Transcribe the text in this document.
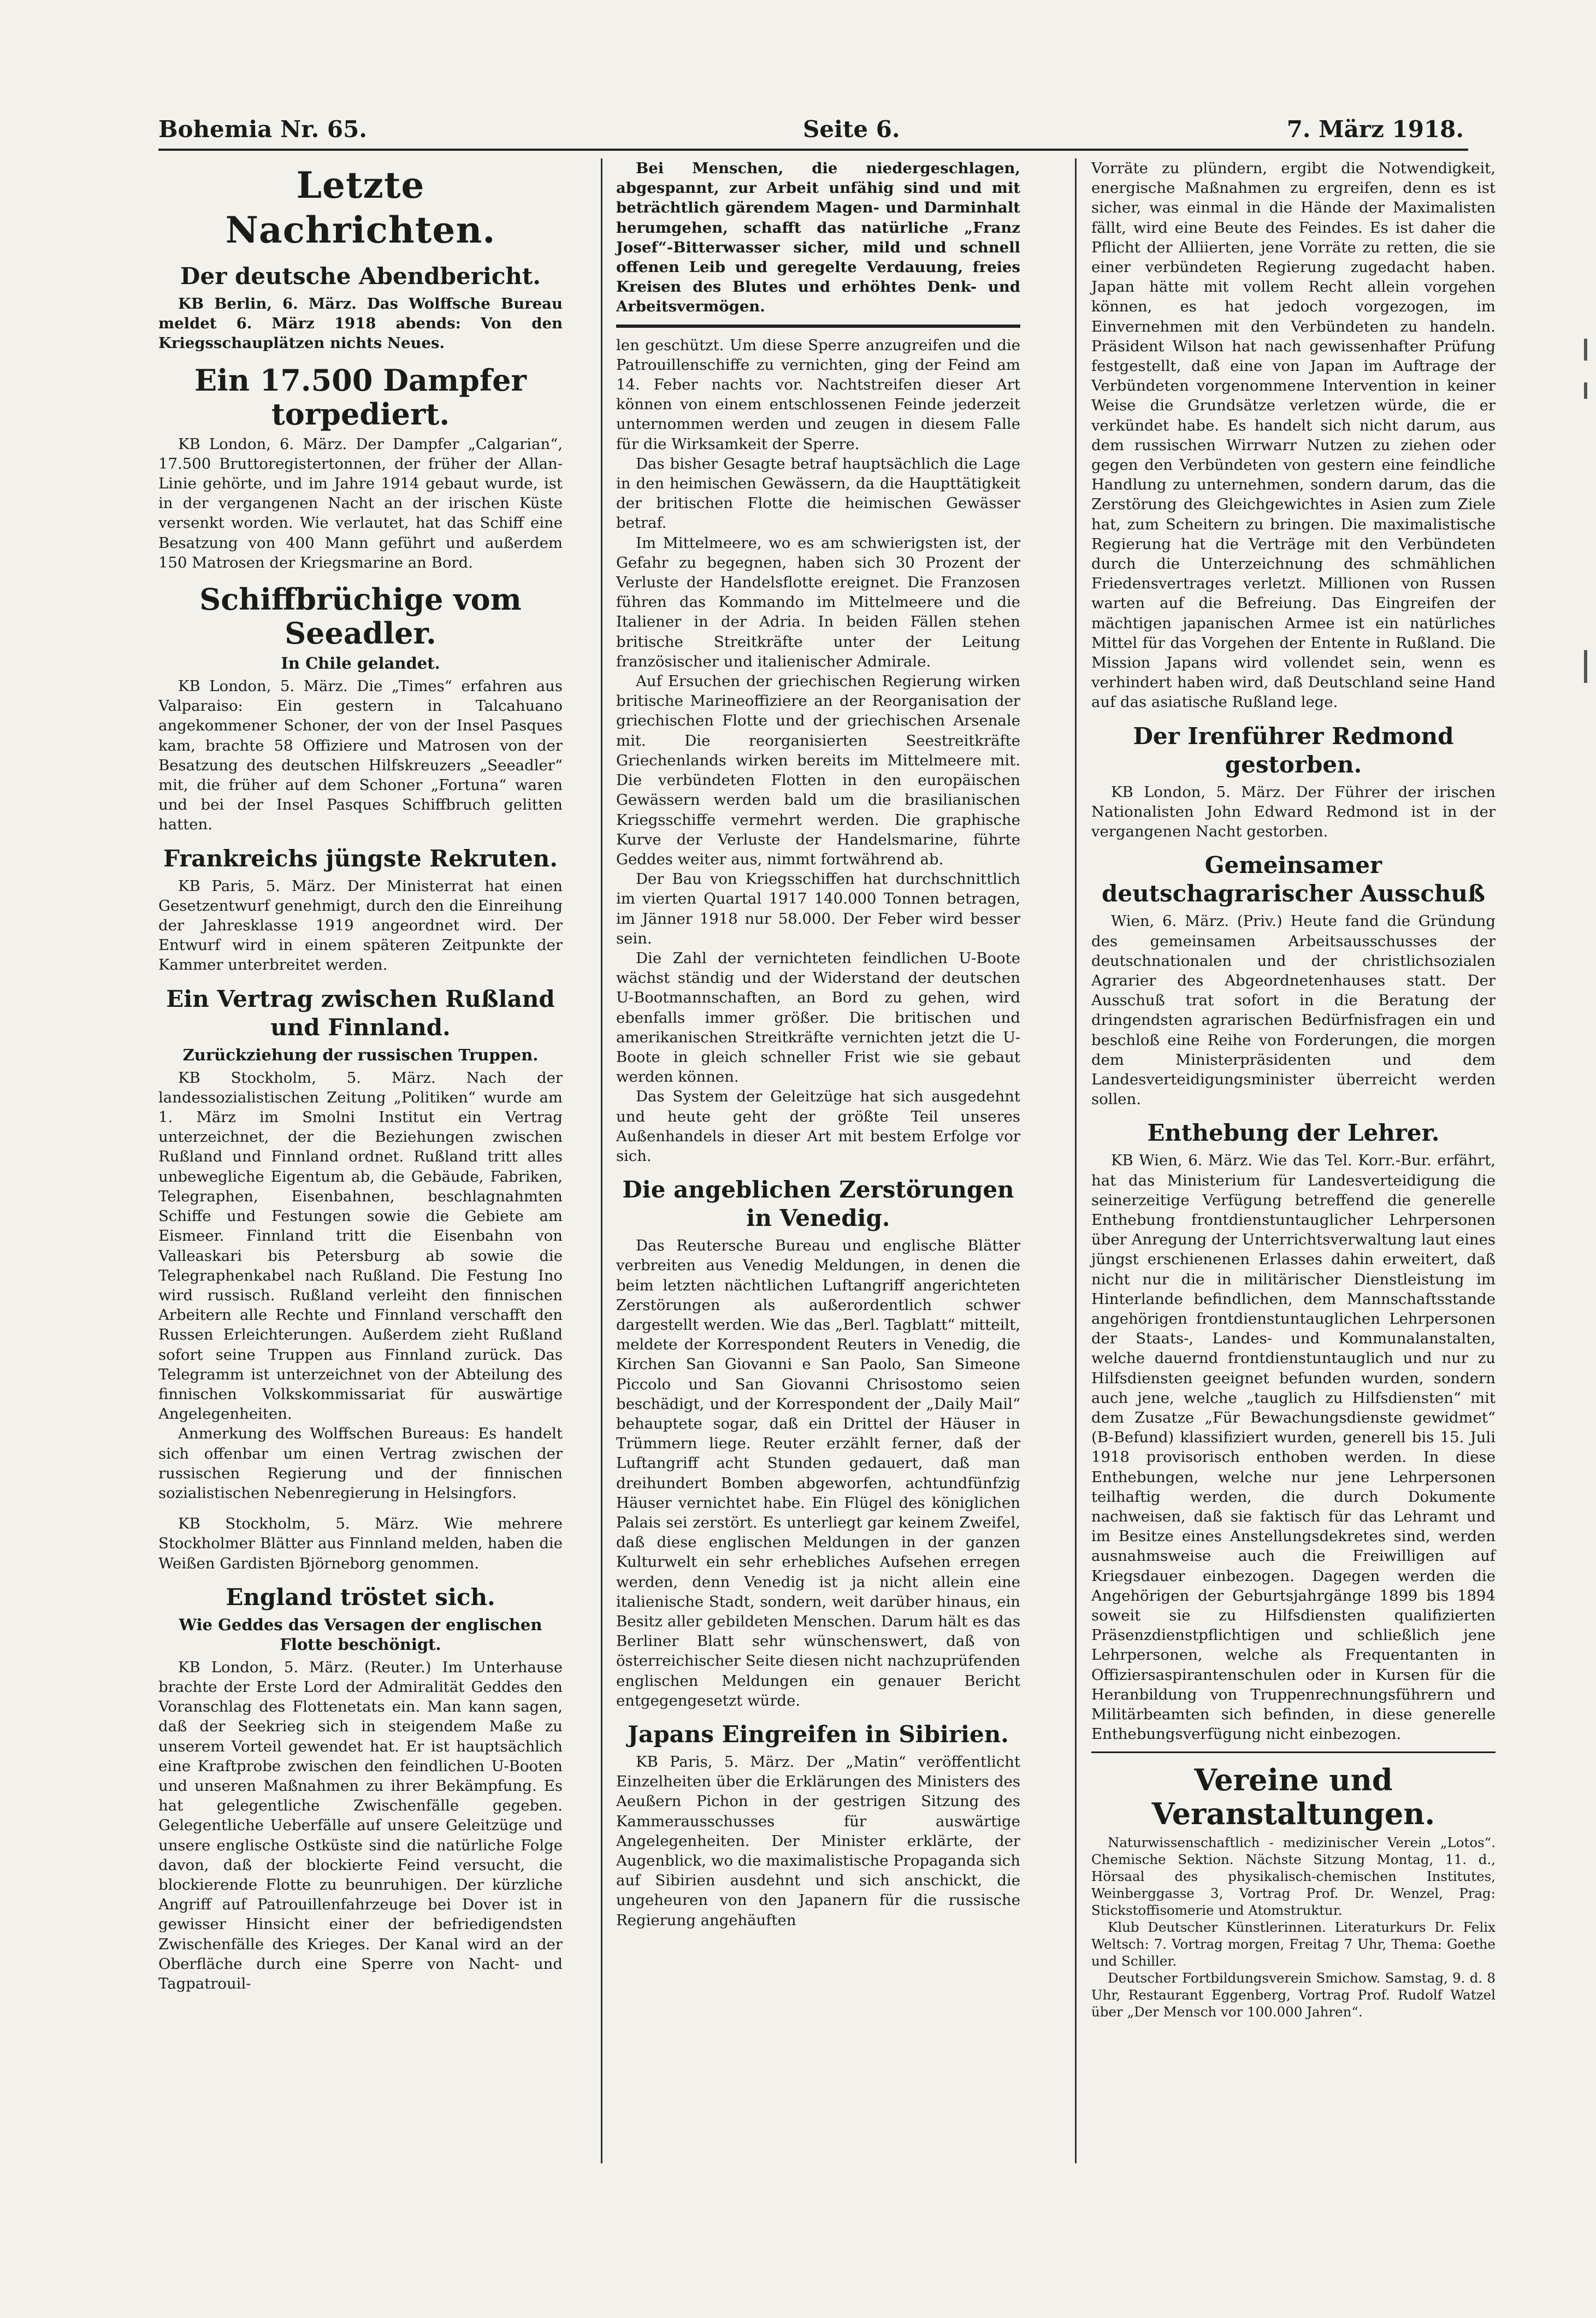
Bohemia Nr. 65.	Seite 6.	7. März 1918.
Letzte Nachrichten.
Der deutsche Abendbericht.

KB Berlin, 6. März. Das Wolffsche Bureau meldet 6. März 1918 abends: Von den Kriegsschauplätzen nichts Neues.

Ein 17.500 Dampfer torpediert.

KB London, 6. März. Der Dampfer „Calgarian“, 17.500 Bruttoregistertonnen, der früher der Allan-Linie gehörte, und im Jahre 1914 gebaut wurde, ist in der vergangenen Nacht an der irischen Küste versenkt worden. Wie verlautet, hat das Schiff eine Besatzung von 400 Mann geführt und außerdem 150 Matrosen der Kriegsmarine an Bord.

Schiffbrüchige vom Seeadler.
In Chile gelandet.

KB London, 5. März. Die „Times“ erfahren aus Valparaiso: Ein gestern in Talcahuano angekommener Schoner, der von der Insel Pasques kam, brachte 58 Offiziere und Matrosen von der Besatzung des deutschen Hilfskreuzers „Seeadler“ mit, die früher auf dem Schoner „Fortuna“ waren und bei der Insel Pasques Schiffbruch gelitten hatten.

Frankreichs jüngste Rekruten.

KB Paris, 5. März. Der Ministerrat hat einen Gesetzentwurf genehmigt, durch den die Einreihung der Jahresklasse 1919 angeordnet wird. Der Entwurf wird in einem späteren Zeitpunkte der Kammer unterbreitet werden.

Ein Vertrag zwischen Rußland und Finnland.
Zurückziehung der russischen Truppen.

KB Stockholm, 5. März. Nach der landessozialistischen Zeitung „Politiken“ wurde am 1. März im Smolni Institut ein Vertrag unterzeichnet, der die Beziehungen zwischen Rußland und Finnland ordnet. Rußland tritt alles unbewegliche Eigentum ab, die Gebäude, Fabriken, Telegraphen, Eisenbahnen, beschlagnahmten Schiffe und Festungen sowie die Gebiete am Eismeer. Finnland tritt die Eisenbahn von Valleaskari bis Petersburg ab sowie die Telegraphenkabel nach Rußland. Die Festung Ino wird russisch. Rußland verleiht den finnischen Arbeitern alle Rechte und Finnland verschafft den Russen Erleichterungen. Außerdem zieht Rußland sofort seine Truppen aus Finnland zurück. Das Telegramm ist unterzeichnet von der Abteilung des finnischen Volkskommissariat für auswärtige Angelegenheiten.

Anmerkung des Wolffschen Bureaus: Es handelt sich offenbar um einen Vertrag zwischen der russischen Regierung und der finnischen sozialistischen Nebenregierung in Helsingfors.

KB Stockholm, 5. März. Wie mehrere Stockholmer Blätter aus Finnland melden, haben die Weißen Gardisten Björneborg genommen.

England tröstet sich.
Wie Geddes das Versagen der englischen Flotte beschönigt.

KB London, 5. März. (Reuter.) Im Unterhause brachte der Erste Lord der Admiralität Geddes den Voranschlag des Flottenetats ein. Man kann sagen, daß der Seekrieg sich in steigendem Maße zu unserem Vorteil gewendet hat. Er ist hauptsächlich eine Kraftprobe zwischen den feindlichen U-Booten und unseren Maßnahmen zu ihrer Bekämpfung. Es hat gelegentliche Zwischenfälle gegeben. Gelegentliche Ueberfälle auf unsere Geleitzüge und unsere englische Ostküste sind die natürliche Folge davon, daß der blockierte Feind versucht, die blockierende Flotte zu beunruhigen. Der kürzliche Angriff auf Patrouillenfahrzeuge bei Dover ist in gewisser Hinsicht einer der befriedigendsten Zwischenfälle des Krieges. Der Kanal wird an der Oberfläche durch eine Sperre von Nacht- und Tagpatrouil-

Bei Menschen, die niedergeschlagen, abgespannt, zur Arbeit unfähig sind und mit beträchtlich gärendem Magen- und Darminhalt herumgehen, schafft das natürliche „Franz Josef“-Bitterwasser sicher, mild und schnell offenen Leib und geregelte Verdauung, freies Kreisen des Blutes und erhöhtes Denk- und Arbeitsvermögen.

len geschützt. Um diese Sperre anzugreifen und die Patrouillenschiffe zu vernichten, ging der Feind am 14. Feber nachts vor. Nachtstreifen dieser Art können von einem entschlossenen Feinde jederzeit unternommen werden und zeugen in diesem Falle für die Wirksamkeit der Sperre.

Das bisher Gesagte betraf hauptsächlich die Lage in den heimischen Gewässern, da die Haupttätigkeit der britischen Flotte die heimischen Gewässer betraf.

Im Mittelmeere, wo es am schwierigsten ist, der Gefahr zu begegnen, haben sich 30 Prozent der Verluste der Handelsflotte ereignet. Die Franzosen führen das Kommando im Mittelmeere und die Italiener in der Adria. In beiden Fällen stehen britische Streitkräfte unter der Leitung französischer und italienischer Admirale.

Auf Ersuchen der griechischen Regierung wirken britische Marineoffiziere an der Reorganisation der griechischen Flotte und der griechischen Arsenale mit. Die reorganisierten Seestreitkräfte Griechenlands wirken bereits im Mittelmeere mit. Die verbündeten Flotten in den europäischen Gewässern werden bald um die brasilianischen Kriegsschiffe vermehrt werden. Die graphische Kurve der Verluste der Handelsmarine, führte Geddes weiter aus, nimmt fortwährend ab.

Der Bau von Kriegsschiffen hat durchschnittlich im vierten Quartal 1917 140.000 Tonnen betragen, im Jänner 1918 nur 58.000. Der Feber wird besser sein.

Die Zahl der vernichteten feindlichen U-Boote wächst ständig und der Widerstand der deutschen U-Bootmannschaften, an Bord zu gehen, wird ebenfalls immer größer. Die britischen und amerikanischen Streitkräfte vernichten jetzt die U-Boote in gleich schneller Frist wie sie gebaut werden können.

Das System der Geleitzüge hat sich ausgedehnt und heute geht der größte Teil unseres Außenhandels in dieser Art mit bestem Erfolge vor sich.

Die angeblichen Zerstörungen in Venedig.

Das Reutersche Bureau und englische Blätter verbreiten aus Venedig Meldungen, in denen die beim letzten nächtlichen Luftangriff angerichteten Zerstörungen als außerordentlich schwer dargestellt werden. Wie das „Berl. Tagblatt“ mitteilt, meldete der Korrespondent Reuters in Venedig, die Kirchen San Giovanni e San Paolo, San Simeone Piccolo und San Giovanni Chrisostomo seien beschädigt, und der Korrespondent der „Daily Mail“ behauptete sogar, daß ein Drittel der Häuser in Trümmern liege. Reuter erzählt ferner, daß der Luftangriff acht Stunden gedauert, daß man dreihundert Bomben abgeworfen, achtundfünfzig Häuser vernichtet habe. Ein Flügel des königlichen Palais sei zerstört. Es unterliegt gar keinem Zweifel, daß diese englischen Meldungen in der ganzen Kulturwelt ein sehr erhebliches Aufsehen erregen werden, denn Venedig ist ja nicht allein eine italienische Stadt, sondern, weit darüber hinaus, ein Besitz aller gebildeten Menschen. Darum hält es das Berliner Blatt sehr wünschenswert, daß von österreichischer Seite diesen nicht nachzuprüfenden englischen Meldungen ein genauer Bericht entgegengesetzt würde.

Japans Eingreifen in Sibirien.

KB Paris, 5. März. Der „Matin“ veröffentlicht Einzelheiten über die Erklärungen des Ministers des Aeußern Pichon in der gestrigen Sitzung des Kammerausschusses für auswärtige Angelegenheiten. Der Minister erklärte, der Augenblick, wo die maximalistische Propaganda sich auf Sibirien ausdehnt und sich anschickt, die ungeheuren von den Japanern für die russische Regierung angehäuften

Vorräte zu plündern, ergibt die Notwendigkeit, energische Maßnahmen zu ergreifen, denn es ist sicher, was einmal in die Hände der Maximalisten fällt, wird eine Beute des Feindes. Es ist daher die Pflicht der Alliierten, jene Vorräte zu retten, die sie einer verbündeten Regierung zugedacht haben. Japan hätte mit vollem Recht allein vorgehen können, es hat jedoch vorgezogen, im Einvernehmen mit den Verbündeten zu handeln. Präsident Wilson hat nach gewissenhafter Prüfung festgestellt, daß eine von Japan im Auftrage der Verbündeten vorgenommene Intervention in keiner Weise die Grundsätze verletzen würde, die er verkündet habe. Es handelt sich nicht darum, aus dem russischen Wirrwarr Nutzen zu ziehen oder gegen den Verbündeten von gestern eine feindliche Handlung zu unternehmen, sondern darum, das die Zerstörung des Gleichgewichtes in Asien zum Ziele hat, zum Scheitern zu bringen. Die maximalistische Regierung hat die Verträge mit den Verbündeten durch die Unterzeichnung des schmählichen Friedensvertrages verletzt. Millionen von Russen warten auf die Befreiung. Das Eingreifen der mächtigen japanischen Armee ist ein natürliches Mittel für das Vorgehen der Entente in Rußland. Die Mission Japans wird vollendet sein, wenn es verhindert haben wird, daß Deutschland seine Hand auf das asiatische Rußland lege.

Der Irenführer Redmond gestorben.

KB London, 5. März. Der Führer der irischen Nationalisten John Edward Redmond ist in der vergangenen Nacht gestorben.

Gemeinsamer deutschagrarischer Ausschuß

Wien, 6. März. (Priv.) Heute fand die Gründung des gemeinsamen Arbeitsausschusses der deutschnationalen und der christlichsozialen Agrarier des Abgeordnetenhauses statt. Der Ausschuß trat sofort in die Beratung der dringendsten agrarischen Bedürfnisfragen ein und beschloß eine Reihe von Forderungen, die morgen dem Ministerpräsidenten und dem Landesverteidigungsminister überreicht werden sollen.

Enthebung der Lehrer.

KB Wien, 6. März. Wie das Tel. Korr.-Bur. erfährt, hat das Ministerium für Landesverteidigung die seinerzeitige Verfügung betreffend die generelle Enthebung frontdienstuntauglicher Lehrpersonen über Anregung der Unterrichtsverwaltung laut eines jüngst erschienenen Erlasses dahin erweitert, daß nicht nur die in militärischer Dienstleistung im Hinterlande befindlichen, dem Mannschaftsstande angehörigen frontdienstuntauglichen Lehrpersonen der Staats-, Landes- und Kommunalanstalten, welche dauernd frontdienstuntauglich und nur zu Hilfsdiensten geeignet befunden wurden, sondern auch jene, welche „tauglich zu Hilfsdiensten“ mit dem Zusatze „Für Bewachungsdienste gewidmet“ (B-Befund) klassifiziert wurden, generell bis 15. Juli 1918 provisorisch enthoben werden. In diese Enthebungen, welche nur jene Lehrpersonen teilhaftig werden, die durch Dokumente nachweisen, daß sie faktisch für das Lehramt und im Besitze eines Anstellungsdekretes sind, werden ausnahmsweise auch die Freiwilligen auf Kriegsdauer einbezogen. Dagegen werden die Angehörigen der Geburtsjahrgänge 1899 bis 1894 soweit sie zu Hilfsdiensten qualifizierten Präsenzdienstpflichtigen und schließlich jene Lehrpersonen, welche als Frequentanten in Offiziersaspirantenschulen oder in Kursen für die Heranbildung von Truppenrechnungsführern und Militärbeamten sich befinden, in diese generelle Enthebungsverfügung nicht einbezogen.

Vereine und Veranstaltungen.

Naturwissenschaftlich - medizinischer Verein „Lotos“. Chemische Sektion. Nächste Sitzung Montag, 11. d., Hörsaal des physikalisch-chemischen Institutes, Weinberggasse 3, Vortrag Prof. Dr. Wenzel, Prag: Stickstoffisomerie und Atomstruktur.

Klub Deutscher Künstlerinnen. Literaturkurs Dr. Felix Weltsch: 7. Vortrag morgen, Freitag 7 Uhr, Thema: Goethe und Schiller.

Deutscher Fortbildungsverein Smichow. Samstag, 9. d. 8 Uhr, Restaurant Eggenberg, Vortrag Prof. Rudolf Watzel über „Der Mensch vor 100.000 Jahren“.
